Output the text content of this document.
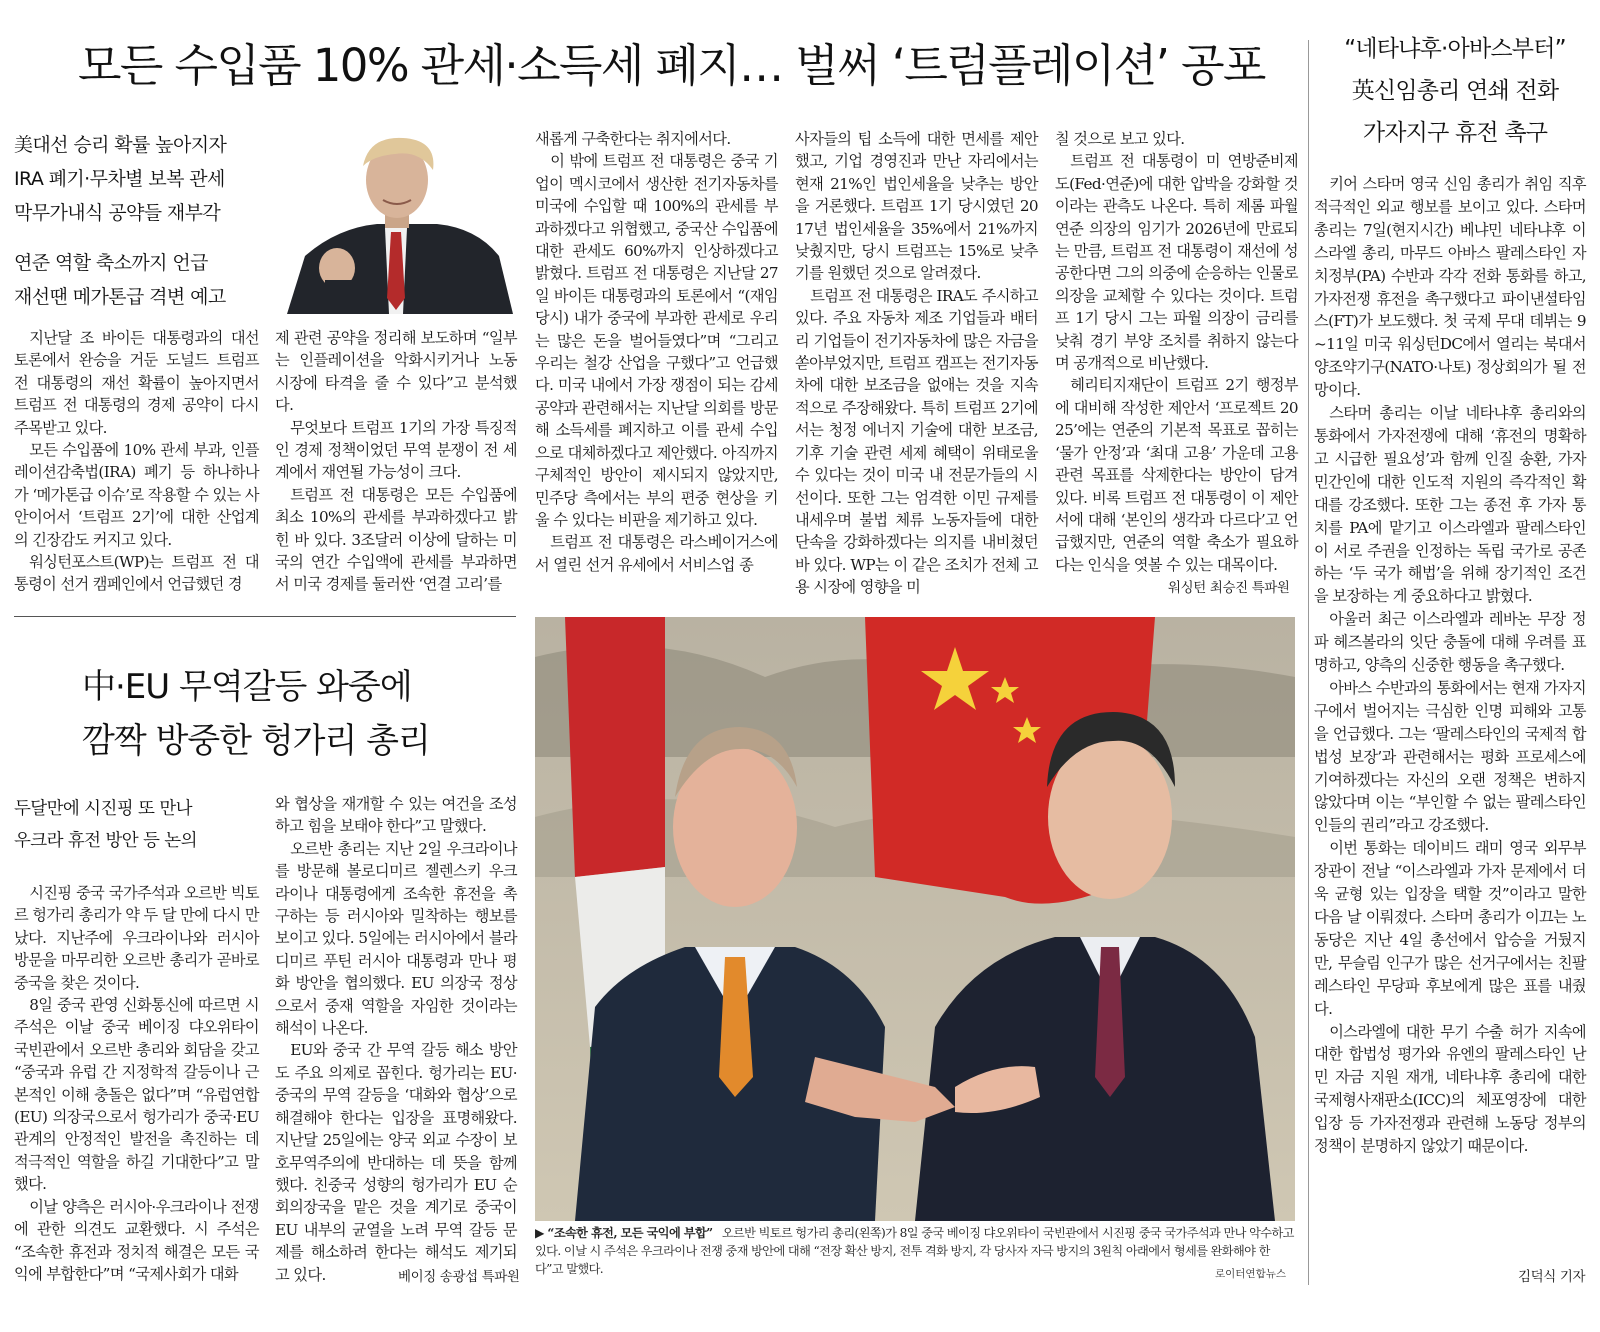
모든 수입품 10% 관세·소득세 폐지… 벌써 ‘트럼플레이션’ 공포
美대선 승리 확률 높아지자
IRA 폐기·무차별 보복 관세
막무가내식 공약들 재부각
연준 역할 축소까지 언급
재선땐 메가톤급 격변 예고

지난달 조 바이든 대통령과의 대선 토론에서 완승을 거둔 도널드 트럼프 전 대통령의 재선 확률이 높아지면서 트럼프 전 대통령의 경제 공약이 다시 주목받고 있다.

모든 수입품에 10% 관세 부과, 인플레이션감축법(IRA) 폐기 등 하나하나가 ‘메가톤급 이슈’로 작용할 수 있는 사안이어서 ‘트럼프 2기’에 대한 산업계의 긴장감도 커지고 있다.

워싱턴포스트(WP)는 트럼프 전 대통령이 선거 캠페인에서 언급했던 경

제 관련 공약을 정리해 보도하며 “일부는 인플레이션을 악화시키거나 노동 시장에 타격을 줄 수 있다”고 분석했다.

무엇보다 트럼프 1기의 가장 특징적인 경제 정책이었던 무역 분쟁이 전 세계에서 재연될 가능성이 크다.

트럼프 전 대통령은 모든 수입품에 최소 10%의 관세를 부과하겠다고 밝힌 바 있다. 3조달러 이상에 달하는 미국의 연간 수입액에 관세를 부과하면서 미국 경제를 둘러싼 ‘연결 고리’를

새롭게 구축한다는 취지에서다.

이 밖에 트럼프 전 대통령은 중국 기업이 멕시코에서 생산한 전기자동차를 미국에 수입할 때 100%의 관세를 부과하겠다고 위협했고, 중국산 수입품에 대한 관세도 60%까지 인상하겠다고 밝혔다. 트럼프 전 대통령은 지난달 27일 바이든 대통령과의 토론에서 “(재임 당시) 내가 중국에 부과한 관세로 우리는 많은 돈을 벌어들였다”며 “그리고 우리는 철강 산업을 구했다”고 언급했다. 미국 내에서 가장 쟁점이 되는 감세 공약과 관련해서는 지난달 의회를 방문해 소득세를 폐지하고 이를 관세 수입으로 대체하겠다고 제안했다. 아직까지 구체적인 방안이 제시되지 않았지만, 민주당 측에서는 부의 편중 현상을 키울 수 있다는 비판을 제기하고 있다.

트럼프 전 대통령은 라스베이거스에서 열린 선거 유세에서 서비스업 종

사자들의 팁 소득에 대한 면세를 제안했고, 기업 경영진과 만난 자리에서는 현재 21%인 법인세율을 낮추는 방안을 거론했다. 트럼프 1기 당시였던 2017년 법인세율을 35%에서 21%까지 낮췄지만, 당시 트럼프는 15%로 낮추기를 원했던 것으로 알려졌다.

트럼프 전 대통령은 IRA도 주시하고 있다. 주요 자동차 제조 기업들과 배터리 기업들이 전기자동차에 많은 자금을 쏟아부었지만, 트럼프 캠프는 전기자동차에 대한 보조금을 없애는 것을 지속적으로 주장해왔다. 특히 트럼프 2기에서는 청정 에너지 기술에 대한 보조금, 기후 기술 관련 세제 혜택이 위태로울 수 있다는 것이 미국 내 전문가들의 시선이다. 또한 그는 엄격한 이민 규제를 내세우며 불법 체류 노동자들에 대한 단속을 강화하겠다는 의지를 내비쳤던 바 있다. WP는 이 같은 조치가 전체 고용 시장에 영향을 미

칠 것으로 보고 있다.

트럼프 전 대통령이 미 연방준비제도(Fed·연준)에 대한 압박을 강화할 것이라는 관측도 나온다. 특히 제롬 파월 연준 의장의 임기가 2026년에 만료되는 만큼, 트럼프 전 대통령이 재선에 성공한다면 그의 의중에 순응하는 인물로 의장을 교체할 수 있다는 것이다. 트럼프 1기 당시 그는 파월 의장이 금리를 낮춰 경기 부양 조치를 취하지 않는다며 공개적으로 비난했다.

헤리티지재단이 트럼프 2기 행정부에 대비해 작성한 제안서 ‘프로젝트 2025’에는 연준의 기본적 목표로 꼽히는 ‘물가 안정’과 ‘최대 고용’ 가운데 고용 관련 목표를 삭제한다는 방안이 담겨 있다. 비록 트럼프 전 대통령이 이 제안서에 대해 ‘본인의 생각과 다르다’고 언급했지만, 연준의 역할 축소가 필요하다는 인식을 엿볼 수 있는 대목이다.

워싱턴 최승진 특파원
中·EU 무역갈등 와중에
깜짝 방중한 헝가리 총리
두달만에 시진핑 또 만나
우크라 휴전 방안 등 논의

시진핑 중국 국가주석과 오르반 빅토르 헝가리 총리가 약 두 달 만에 다시 만났다. 지난주에 우크라이나와 러시아 방문을 마무리한 오르반 총리가 곧바로 중국을 찾은 것이다.

8일 중국 관영 신화통신에 따르면 시 주석은 이날 중국 베이징 댜오위타이 국빈관에서 오르반 총리와 회담을 갖고 “중국과 유럽 간 지정학적 갈등이나 근본적인 이해 충돌은 없다”며 “유럽연합(EU) 의장국으로서 헝가리가 중국·EU 관계의 안정적인 발전을 촉진하는 데 적극적인 역할을 하길 기대한다”고 말했다.

이날 양측은 러시아·우크라이나 전쟁에 관한 의견도 교환했다. 시 주석은 “조속한 휴전과 정치적 해결은 모든 국익에 부합한다”며 “국제사회가 대화

와 협상을 재개할 수 있는 여건을 조성하고 힘을 보태야 한다”고 말했다.

오르반 총리는 지난 2일 우크라이나를 방문해 볼로디미르 젤렌스키 우크라이나 대통령에게 조속한 휴전을 촉구하는 등 러시아와 밀착하는 행보를 보이고 있다. 5일에는 러시아에서 블라디미르 푸틴 러시아 대통령과 만나 평화 방안을 협의했다. EU 의장국 정상으로서 중재 역할을 자임한 것이라는 해석이 나온다.

EU와 중국 간 무역 갈등 해소 방안도 주요 의제로 꼽힌다. 헝가리는 EU·중국의 무역 갈등을 ‘대화와 협상’으로 해결해야 한다는 입장을 표명해왔다. 지난달 25일에는 양국 외교 수장이 보호무역주의에 반대하는 데 뜻을 함께했다. 친중국 성향의 헝가리가 EU 순회의장국을 맡은 것을 계기로 중국이 EU 내부의 균열을 노려 무역 갈등 문제를 해소하려 한다는 해석도 제기되고 있다.	베이징 송광섭 특파원
▶ “조속한 휴전, 모든 국익에 부합” 오르반 빅토르 헝가리 총리(왼쪽)가 8일 중국 베이징 댜오위타이 국빈관에서 시진핑 중국 국가주석과 만나 악수하고 있다. 이날 시 주석은 우크라이나 전쟁 중재 방안에 대해 “전장 확산 방지, 전투 격화 방지, 각 당사자 자극 방지의 3원칙 아래에서 형세를 완화해야 한다”고 말했다.	로이터연합뉴스
“네타냐후·아바스부터”
英신임총리 연쇄 전화
가자지구 휴전 촉구

키어 스타머 영국 신임 총리가 취임 직후 적극적인 외교 행보를 보이고 있다. 스타머 총리는 7일(현지시간) 베냐민 네타냐후 이스라엘 총리, 마무드 아바스 팔레스타인 자치정부(PA) 수반과 각각 전화 통화를 하고, 가자전쟁 휴전을 촉구했다고 파이낸셜타임스(FT)가 보도했다. 첫 국제 무대 데뷔는 9~11일 미국 워싱턴DC에서 열리는 북대서양조약기구(NATO·나토) 정상회의가 될 전망이다.

스타머 총리는 이날 네타냐후 총리와의 통화에서 가자전쟁에 대해 ‘휴전의 명확하고 시급한 필요성’과 함께 인질 송환, 가자 민간인에 대한 인도적 지원의 즉각적인 확대를 강조했다. 또한 그는 종전 후 가자 통치를 PA에 맡기고 이스라엘과 팔레스타인이 서로 주권을 인정하는 독립 국가로 공존하는 ‘두 국가 해법’을 위해 장기적인 조건을 보장하는 게 중요하다고 밝혔다.

아울러 최근 이스라엘과 레바논 무장 정파 헤즈볼라의 잇단 충돌에 대해 우려를 표명하고, 양측의 신중한 행동을 촉구했다.

아바스 수반과의 통화에서는 현재 가자지구에서 벌어지는 극심한 인명 피해와 고통을 언급했다. 그는 ‘팔레스타인의 국제적 합법성 보장’과 관련해서는 평화 프로세스에 기여하겠다는 자신의 오랜 정책은 변하지 않았다며 이는 “부인할 수 없는 팔레스타인인들의 권리”라고 강조했다.

이번 통화는 데이비드 래미 영국 외무부 장관이 전날 “이스라엘과 가자 문제에서 더욱 균형 있는 입장을 택할 것”이라고 말한 다음 날 이뤄졌다. 스타머 총리가 이끄는 노동당은 지난 4일 총선에서 압승을 거뒀지만, 무슬림 인구가 많은 선거구에서는 친팔레스타인 무당파 후보에게 많은 표를 내줬다.

이스라엘에 대한 무기 수출 허가 지속에 대한 합법성 평가와 유엔의 팔레스타인 난민 자금 지원 재개, 네타냐후 총리에 대한 국제형사재판소(ICC)의 체포영장에 대한 입장 등 가자전쟁과 관련해 노동당 정부의 정책이 분명하지 않았기 때문이다.

김덕식 기자
